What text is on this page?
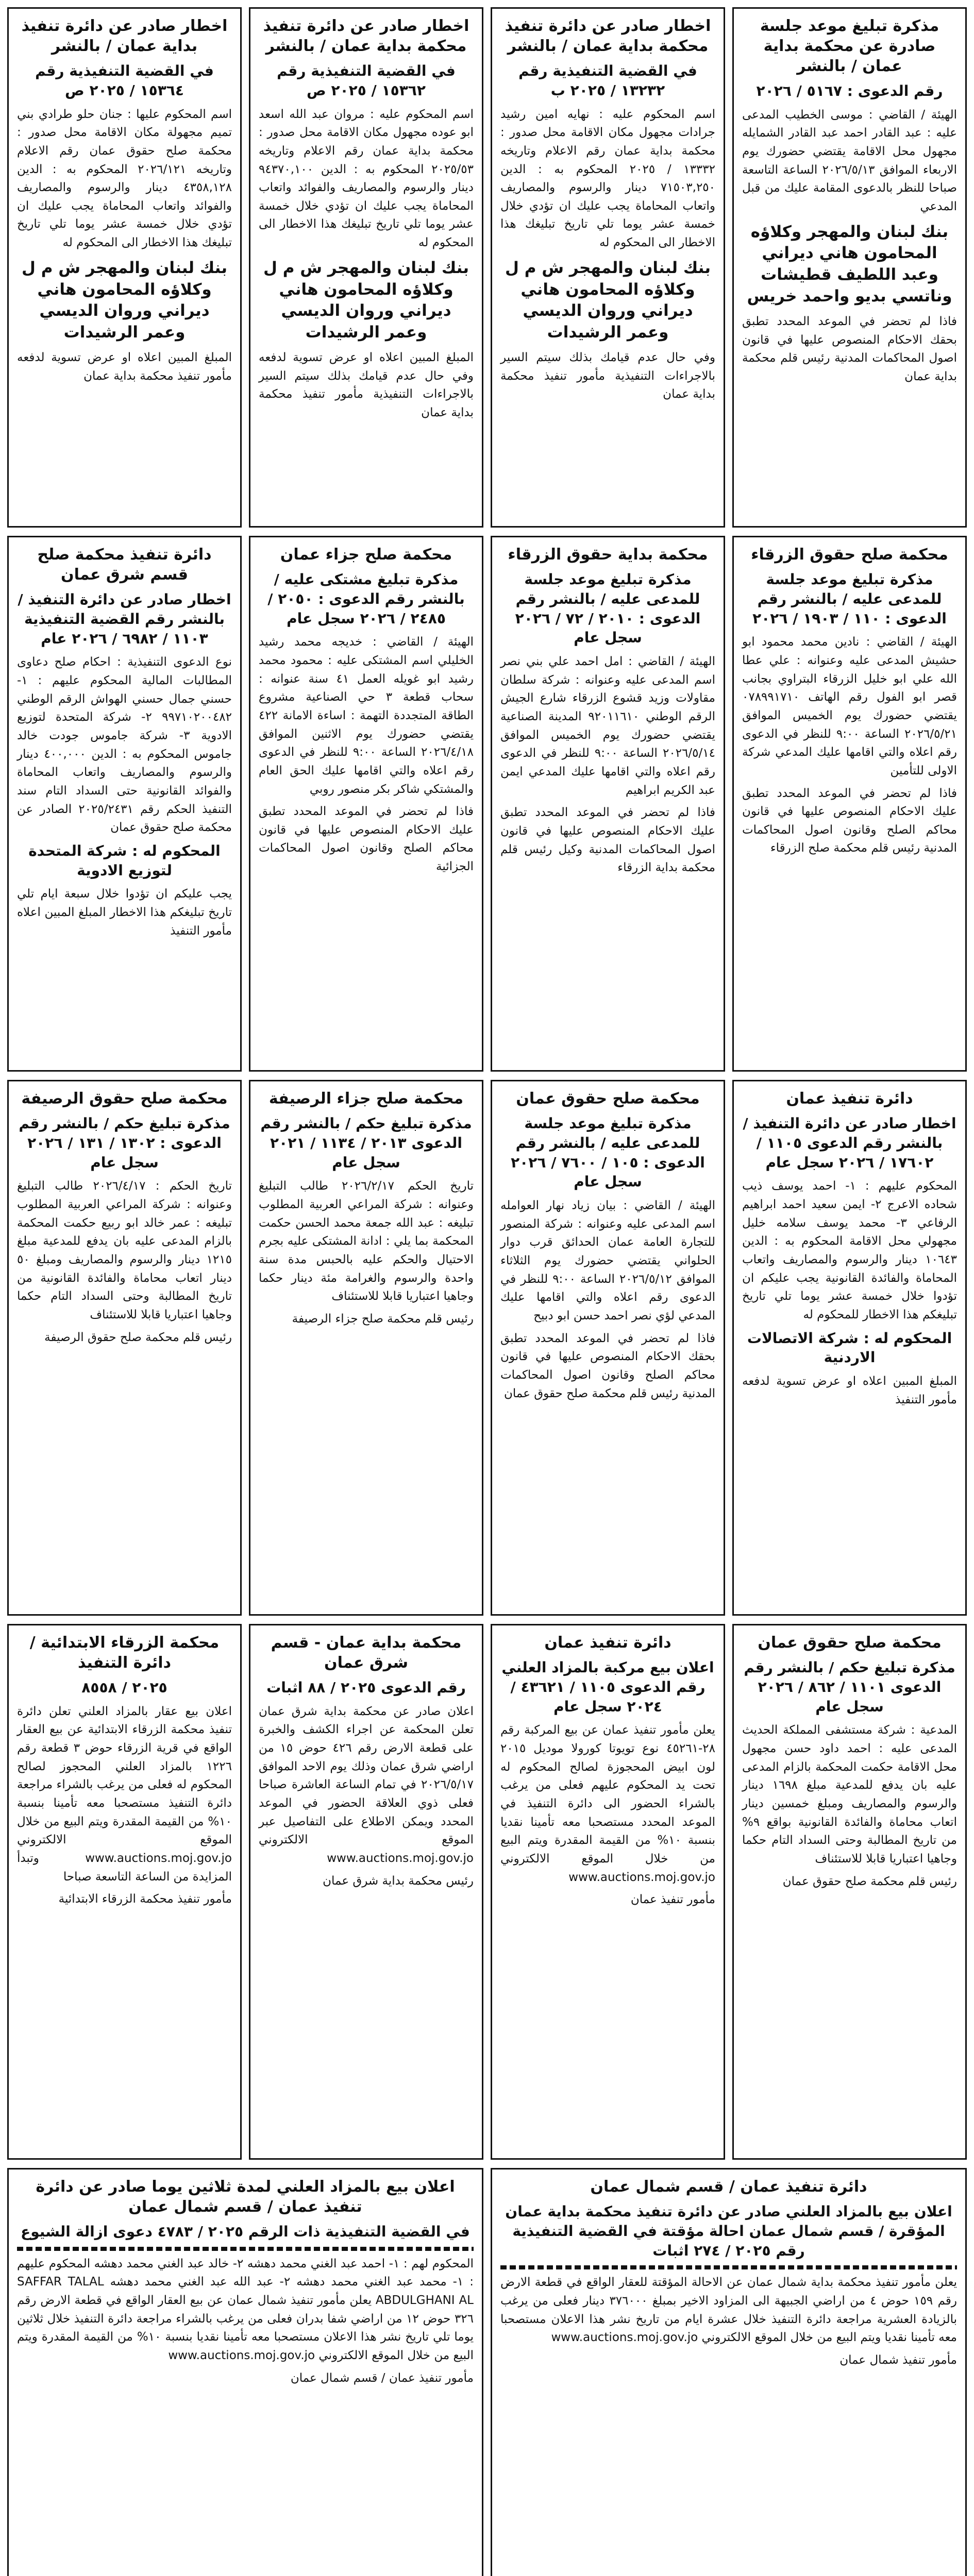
مذكرة تبليغ موعد جلسة صادرة عن محكمة بداية عمان / بالنشر
رقم الدعوى : ٥١٦٧ / ٢٠٢٦

الهيئة / القاضي : موسى الخطيب المدعى عليه : عبد القادر احمد عبد القادر الشمايله مجهول محل الاقامة يقتضي حضورك يوم الاربعاء الموافق ٢٠٢٦/٥/١٣ الساعة التاسعة صباحا للنظر بالدعوى المقامة عليك من قبل المدعي

بنك لبنان والمهجر وكلاؤه المحامون هاني ديراني وعبد اللطيف قطيشات وناتسي بديو واحمد خريس

فاذا لم تحضر في الموعد المحدد تطبق بحقك الاحكام المنصوص عليها في قانون اصول المحاكمات المدنية رئيس قلم محكمة بداية عمان

اخطار صادر عن دائرة تنفيذ محكمة بداية عمان / بالنشر
في القضية التنفيذية رقم ١٣٢٣٢ / ٢٠٢٥ ب

اسم المحكوم عليه : نهايه امين رشيد جرادات مجهول مكان الاقامة محل صدور : محكمة بداية عمان رقم الاعلام وتاريخه ١٣٣٣٢ / ٢٠٢٥ المحكوم به : الدين ٧١٥٠٣,٢٥٠ دينار والرسوم والمصاريف واتعاب المحاماة يجب عليك ان تؤدي خلال خمسة عشر يوما تلي تاريخ تبليغك هذا الاخطار الى المحكوم له

بنك لبنان والمهجر ش م ل وكلاؤه المحامون هاني ديراني وروان الديسي وعمر الرشيدات

وفي حال عدم قيامك بذلك سيتم السير بالاجراءات التنفيذية مأمور تنفيذ محكمة بداية عمان

اخطار صادر عن دائرة تنفيذ محكمة بداية عمان / بالنشر
في القضية التنفيذية رقم ١٥٣٦٢ / ٢٠٢٥ ص

اسم المحكوم عليه : مروان عبد الله اسعد ابو عوده مجهول مكان الاقامة محل صدور : محكمة بداية عمان رقم الاعلام وتاريخه ٢٠٢٥/٥٣ المحكوم به : الدين ٩٤٣٧٠,١٠٠ دينار والرسوم والمصاريف والفوائد واتعاب المحاماة يجب عليك ان تؤدي خلال خمسة عشر يوما تلي تاريخ تبليغك هذا الاخطار الى المحكوم له

بنك لبنان والمهجر ش م ل وكلاؤه المحامون هاني ديراني وروان الديسي وعمر الرشيدات

المبلغ المبين اعلاه او عرض تسوية لدفعه وفي حال عدم قيامك بذلك سيتم السير بالاجراءات التنفيذية مأمور تنفيذ محكمة بداية عمان

اخطار صادر عن دائرة تنفيذ بداية عمان / بالنشر
في القضية التنفيذية رقم ١٥٣٦٤ / ٢٠٢٥ ص

اسم المحكوم عليها : جنان حلو طرادي بني تميم مجهولة مكان الاقامة محل صدور : محكمة صلح حقوق عمان رقم الاعلام وتاريخه ٢٠٢٦/١٢١ المحكوم به : الدين ٤٣٥٨,١٢٨ دينار والرسوم والمصاريف والفوائد واتعاب المحاماة يجب عليك ان تؤدي خلال خمسة عشر يوما تلي تاريخ تبليغك هذا الاخطار الى المحكوم له

بنك لبنان والمهجر ش م ل وكلاؤه المحامون هاني ديراني وروان الديسي وعمر الرشيدات

المبلغ المبين اعلاه او عرض تسوية لدفعه مأمور تنفيذ محكمة بداية عمان

محكمة صلح حقوق الزرقاء
مذكرة تبليغ موعد جلسة للمدعى عليه / بالنشر رقم الدعوى : ١١٠ / ١٩٠٣ / ٢٠٢٦

الهيئة / القاضي : نادين محمد محمود ابو حشيش المدعى عليه وعنوانه : علي عطا الله علي ابو خليل الزرقاء البتراوي بجانب قصر ابو الفول رقم الهاتف ٠٧٨٩٩١٧١٠ يقتضي حضورك يوم الخميس الموافق ٢٠٢٦/٥/٢١ الساعة ٩:٠٠ للنظر في الدعوى رقم اعلاه والتي اقامها عليك المدعي شركة الاولى للتأمين

فاذا لم تحضر في الموعد المحدد تطبق عليك الاحكام المنصوص عليها في قانون محاكم الصلح وقانون اصول المحاكمات المدنية رئيس قلم محكمة صلح الزرقاء

محكمة بداية حقوق الزرقاء
مذكرة تبليغ موعد جلسة للمدعى عليه / بالنشر رقم الدعوى : ٢٠١٠ / ٧٢ / ٢٠٢٦ سجل عام

الهيئة / القاضي : امل احمد علي بني نصر اسم المدعى عليه وعنوانه : شركة سلطان مقاولات وزيد قشوع الزرقاء شارع الجيش الرقم الوطني ٩٢٠١١٦١٠ المدينة الصناعية يقتضي حضورك يوم الخميس الموافق ٢٠٢٦/٥/١٤ الساعة ٩:٠٠ للنظر في الدعوى رقم اعلاه والتي اقامها عليك المدعي ايمن عبد الكريم ابراهيم

فاذا لم تحضر في الموعد المحدد تطبق عليك الاحكام المنصوص عليها في قانون اصول المحاكمات المدنية وكيل رئيس قلم محكمة بداية الزرقاء

محكمة صلح جزاء عمان
مذكرة تبليغ مشتكى عليه / بالنشر رقم الدعوى : ٢٠٥٠ / ٢٤٨٥ / ٢٠٢٦ سجل عام

الهيئة / القاضي : خديجه محمد رشيد الخليلي اسم المشتكى عليه : محمود محمد رشيد ابو غويله العمل ٤١ سنة عنوانه : سحاب قطعة ٣ حي الصناعية مشروع الطاقة المتجددة التهمة : اساءة الامانة ٤٢٢ يقتضي حضورك يوم الاثنين الموافق ٢٠٢٦/٤/١٨ الساعة ٩:٠٠ للنظر في الدعوى رقم اعلاه والتي اقامها عليك الحق العام والمشتكي شاكر بكر منصور روبي

فاذا لم تحضر في الموعد المحدد تطبق عليك الاحكام المنصوص عليها في قانون محاكم الصلح وقانون اصول المحاكمات الجزائية

دائرة تنفيذ محكمة صلح قسم شرق عمان
اخطار صادر عن دائرة التنفيذ / بالنشر رقم القضية التنفيذية ١١٠٣ / ٦٩٨٢ / ٢٠٢٦ عام

نوع الدعوى التنفيذية : احكام صلح دعاوى المطالبات المالية المحكوم عليهم : ١- حسني جمال حسني الهواش الرقم الوطني ٩٩٧١٠٢٠٠٤٨٢ ٢- شركة المتحدة لتوزيع الادوية ٣- شركة جاموس جودت خالد جاموس المحكوم به : الدين ٤٠٠,٠٠٠ دينار والرسوم والمصاريف واتعاب المحاماة والفوائد القانونية حتى السداد التام سند التنفيذ الحكم رقم ٢٠٢٥/٢٤٣١ الصادر عن محكمة صلح حقوق عمان

المحكوم له : شركة المتحدة لتوزيع الادوية

يجب عليكم ان تؤدوا خلال سبعة ايام تلي تاريخ تبليغكم هذا الاخطار المبلغ المبين اعلاه مأمور التنفيذ

دائرة تنفيذ عمان
اخطار صادر عن دائرة التنفيذ / بالنشر رقم الدعوى ١١٠٥ / ١٧٦٠٢ / ٢٠٢٦ سجل عام

المحكوم عليهم : ١- احمد يوسف ذيب شحاده الاعرج ٢- ايمن سعيد احمد ابراهيم الرفاعي ٣- محمد يوسف سلامه خليل مجهولي محل الاقامة المحكوم به : الدين ١٠٦٤٣ دينار والرسوم والمصاريف واتعاب المحاماة والفائدة القانونية يجب عليكم ان تؤدوا خلال خمسة عشر يوما تلي تاريخ تبليغكم هذا الاخطار للمحكوم له

المحكوم له : شركة الاتصالات الاردنية

المبلغ المبين اعلاه او عرض تسوية لدفعه مأمور التنفيذ

محكمة صلح حقوق عمان
مذكرة تبليغ موعد جلسة للمدعى عليه / بالنشر رقم الدعوى : ١٠٥ / ٧٦٠٠ / ٢٠٢٦ سجل عام

الهيئة / القاضي : بيان زياد نهار العوامله اسم المدعى عليه وعنوانه : شركة المنصور للتجارة العامة عمان الحدائق قرب دوار الحلواني يقتضي حضورك يوم الثلاثاء الموافق ٢٠٢٦/٥/١٢ الساعة ٩:٠٠ للنظر في الدعوى رقم اعلاه والتي اقامها عليك المدعي لؤي نصر احمد حسن ابو دبيح

فاذا لم تحضر في الموعد المحدد تطبق بحقك الاحكام المنصوص عليها في قانون محاكم الصلح وقانون اصول المحاكمات المدنية رئيس قلم محكمة صلح حقوق عمان

محكمة صلح جزاء الرصيفة
مذكرة تبليغ حكم / بالنشر رقم الدعوى ٢٠١٣ / ١١٣٤ / ٢٠٢١ سجل عام

تاريخ الحكم ٢٠٢٦/٢/١٧ طالب التبليغ وعنوانه : شركة المراعي العربية المطلوب تبليغه : عبد الله جمعة محمد الحسن حكمت المحكمة بما يلي : ادانة المشتكى عليه بجرم الاحتيال والحكم عليه بالحبس مدة سنة واحدة والرسوم والغرامة مئة دينار حكما وجاهيا اعتباريا قابلا للاستئناف

رئيس قلم محكمة صلح جزاء الرصيفة

محكمة صلح حقوق الرصيفة
مذكرة تبليغ حكم / بالنشر رقم الدعوى : ١٣٠٢ / ١٣١ / ٢٠٢٦ سجل عام

تاريخ الحكم : ٢٠٢٦/٤/١٧ طالب التبليغ وعنوانه : شركة المراعي العربية المطلوب تبليغه : عمر خالد ابو ربيع حكمت المحكمة بالزام المدعى عليه بان يدفع للمدعية مبلغ ١٢١٥ دينار والرسوم والمصاريف ومبلغ ٥٠ دينار اتعاب محاماة والفائدة القانونية من تاريخ المطالبة وحتى السداد التام حكما وجاهيا اعتباريا قابلا للاستئناف

رئيس قلم محكمة صلح حقوق الرصيفة

محكمة صلح حقوق عمان
مذكرة تبليغ حكم / بالنشر رقم الدعوى ١١٠١ / ٨٦٢ / ٢٠٢٦ سجل عام

المدعية : شركة مستشفى المملكة الحديث المدعى عليه : احمد داود حسن مجهول محل الاقامة حكمت المحكمة بالزام المدعى عليه بان يدفع للمدعية مبلغ ١٦٩٨ دينار والرسوم والمصاريف ومبلغ خمسين دينار اتعاب محاماة والفائدة القانونية بواقع ٩% من تاريخ المطالبة وحتى السداد التام حكما وجاهيا اعتباريا قابلا للاستئناف

رئيس قلم محكمة صلح حقوق عمان

دائرة تنفيذ عمان
اعلان بيع مركبة بالمزاد العلني رقم الدعوى ١١٠٥ / ٤٣٦٢١ / ٢٠٢٤ سجل عام

يعلن مأمور تنفيذ عمان عن بيع المركبة رقم ٢٨-٤٥٢٦١ نوع تويوتا كورولا موديل ٢٠١٥ لون ابيض المحجوزة لصالح المحكوم له تحت يد المحكوم عليهم فعلى من يرغب بالشراء الحضور الى دائرة التنفيذ في الموعد المحدد مستصحبا معه تأمينا نقديا بنسبة ١٠% من القيمة المقدرة ويتم البيع من خلال الموقع الالكتروني www.auctions.moj.gov.jo

مأمور تنفيذ عمان

محكمة بداية عمان - قسم شرق عمان
رقم الدعوى ٢٠٢٥ / ٨٨ اثبات

اعلان صادر عن محكمة بداية شرق عمان تعلن المحكمة عن اجراء الكشف والخبرة على قطعة الارض رقم ٤٢٦ حوض ١٥ من اراضي شرق عمان وذلك يوم الاحد الموافق ٢٠٢٦/٥/١٧ في تمام الساعة العاشرة صباحا فعلى ذوي العلاقة الحضور في الموعد المحدد ويمكن الاطلاع على التفاصيل عبر الموقع الالكتروني www.auctions.moj.gov.jo

رئيس محكمة بداية شرق عمان

محكمة الزرقاء الابتدائية / دائرة التنفيذ
٢٠٢٥ / ٨٥٥٨

اعلان بيع عقار بالمزاد العلني تعلن دائرة تنفيذ محكمة الزرقاء الابتدائية عن بيع العقار الواقع في قرية الزرقاء حوض ٣ قطعة رقم ١٢٢٦ بالمزاد العلني المحجوز لصالح المحكوم له فعلى من يرغب بالشراء مراجعة دائرة التنفيذ مستصحبا معه تأمينا بنسبة ١٠% من القيمة المقدرة ويتم البيع من خلال الموقع الالكتروني www.auctions.moj.gov.jo وتبدأ المزايدة من الساعة التاسعة صباحا

مأمور تنفيذ محكمة الزرقاء الابتدائية

دائرة تنفيذ عمان / قسم شمال عمان
اعلان بيع بالمزاد العلني صادر عن دائرة تنفيذ محكمة بداية عمان المؤقرة / قسم شمال عمان احالة مؤقتة في القضية التنفيذية رقم ٢٠٢٥ / ٢٧٤ اثبات

يعلن مأمور تنفيذ محكمة بداية شمال عمان عن الاحالة المؤقتة للعقار الواقع في قطعة الارض رقم ١٥٩ حوض ٤ من اراضي الجبيهة الى المزاود الاخير بمبلغ ٣٧٦٠٠٠ دينار فعلى من يرغب بالزيادة العشرية مراجعة دائرة التنفيذ خلال عشرة ايام من تاريخ نشر هذا الاعلان مستصحبا معه تأمينا نقديا ويتم البيع من خلال الموقع الالكتروني www.auctions.moj.gov.jo

مأمور تنفيذ شمال عمان

اعلان بيع بالمزاد العلني لمدة ثلاثين يوما صادر عن دائرة تنفيذ عمان / قسم شمال عمان
في القضية التنفيذية ذات الرقم ٢٠٢٥ / ٤٧٨٣ دعوى ازالة الشيوع

المحكوم لهم : ١- احمد عبد الغني محمد دهشه ٢- خالد عبد الغني محمد دهشه المحكوم عليهم : ١- محمد عبد الغني محمد دهشه ٢- عبد الله عبد الغني محمد دهشه SAFFAR TALAL ABDULGHANI AL يعلن مأمور تنفيذ شمال عمان عن بيع العقار الواقع في قطعة الارض رقم ٣٢٦ حوض ١٢ من اراضي شفا بدران فعلى من يرغب بالشراء مراجعة دائرة التنفيذ خلال ثلاثين يوما تلي تاريخ نشر هذا الاعلان مستصحبا معه تأمينا نقديا بنسبة ١٠% من القيمة المقدرة ويتم البيع من خلال الموقع الالكتروني www.auctions.moj.gov.jo

مأمور تنفيذ عمان / قسم شمال عمان
